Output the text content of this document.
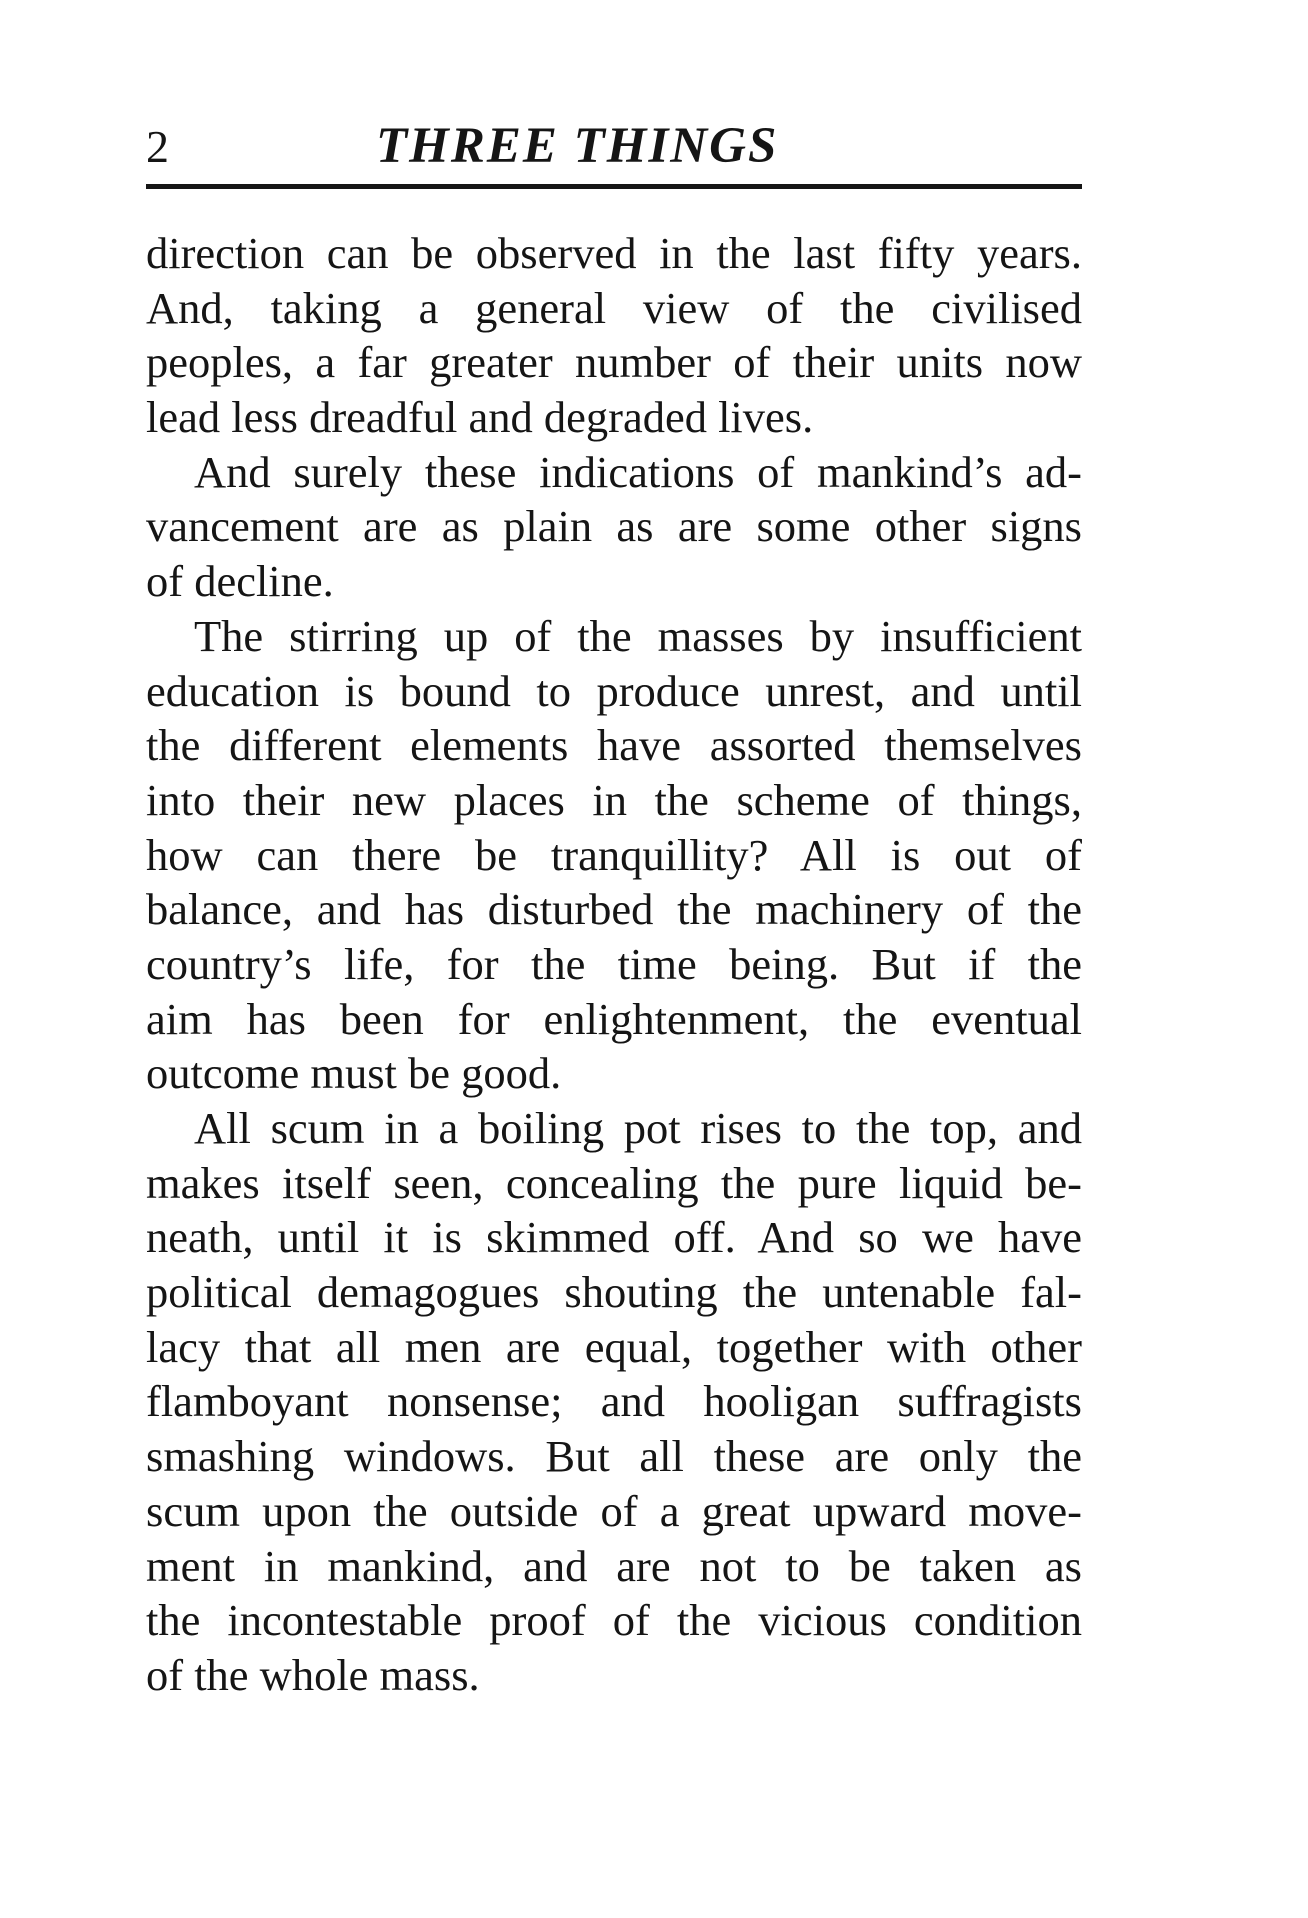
2	THREE THINGS
direction can be observed in the last fifty years.
And, taking a general view of the civilised
peoples, a far greater number of their units now
lead less dreadful and degraded lives.
And surely these indications of mankind’s ad-
vancement are as plain as are some other signs
of decline.
The stirring up of the masses by insufficient
education is bound to produce unrest, and until
the different elements have assorted themselves
into their new places in the scheme of things,
how can there be tranquillity? All is out of
balance, and has disturbed the machinery of the
country’s life, for the time being. But if the
aim has been for enlightenment, the eventual
outcome must be good.
All scum in a boiling pot rises to the top, and
makes itself seen, concealing the pure liquid be-
neath, until it is skimmed off. And so we have
political demagogues shouting the untenable fal-
lacy that all men are equal, together with other
flamboyant nonsense; and hooligan suffragists
smashing windows. But all these are only the
scum upon the outside of a great upward move-
ment in mankind, and are not to be taken as
the incontestable proof of the vicious condition
of the whole mass.
